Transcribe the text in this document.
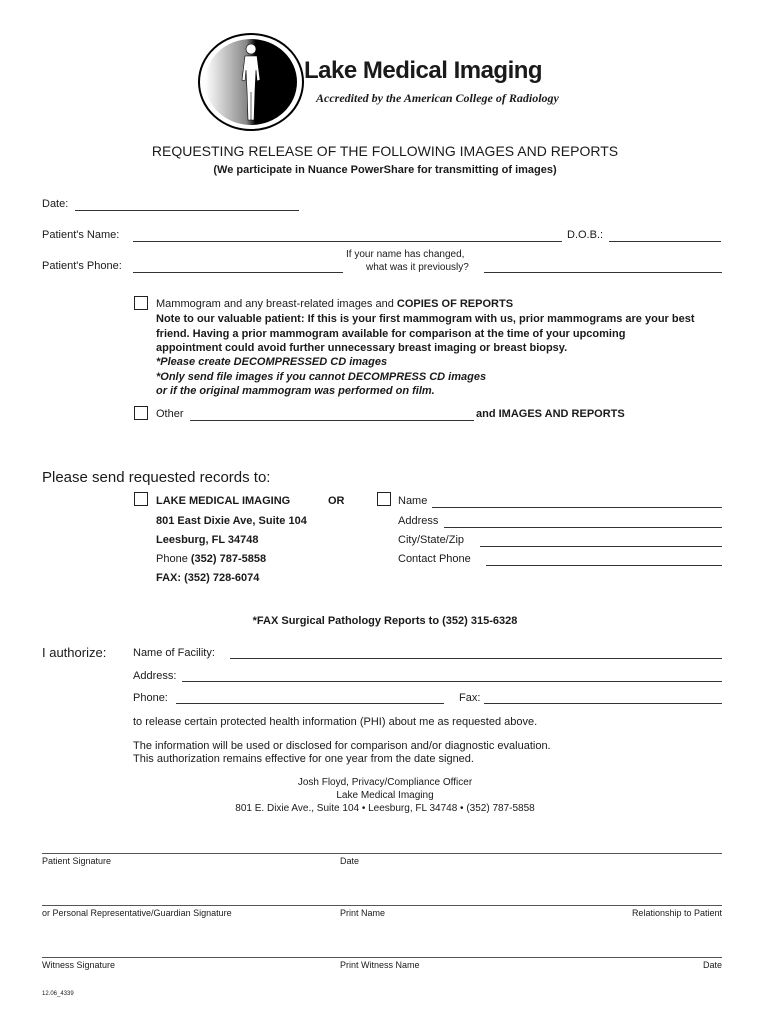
Lake Medical Imaging
Accredited by the American College of Radiology
REQUESTING RELEASE OF THE FOLLOWING IMAGES AND REPORTS
(We participate in Nuance PowerShare for transmitting of images)
Date:
Patient's Name:	D.O.B.:
Patient's Phone:
If your name has changed,
what was it previously?
Mammogram and any breast-related images and COPIES OF REPORTS
Note to our valuable patient: If this is your first mammogram with us, prior mammograms are your best
friend. Having a prior mammogram available for comparison at the time of your upcoming
appointment could avoid further unnecessary breast imaging or breast biopsy.
*Please create DECOMPRESSED CD images
*Only send file images if you cannot DECOMPRESS CD images
or if the original mammogram was performed on film.
Other	and IMAGES AND REPORTS
Please send requested records to:
LAKE MEDICAL IMAGING	OR
801 East Dixie Ave, Suite 104
Leesburg, FL 34748
Phone (352) 787-5858
FAX: (352) 728-6074
Name
Address
City/State/Zip
Contact Phone
*FAX Surgical Pathology Reports to (352) 315-6328
I authorize: Name of Facility:
Address:
Phone:	Fax:
to release certain protected health information (PHI) about me as requested above.
The information will be used or disclosed for comparison and/or diagnostic evaluation.
This authorization remains effective for one year from the date signed.
Josh Floyd, Privacy/Compliance Officer
Lake Medical Imaging
801 E. Dixie Ave., Suite 104 • Leesburg, FL 34748 • (352) 787-5858
Patient Signature	Date
or Personal Representative/Guardian Signature	Print Name	Relationship to Patient
Witness Signature	Print Witness Name	Date
12.06_4339
